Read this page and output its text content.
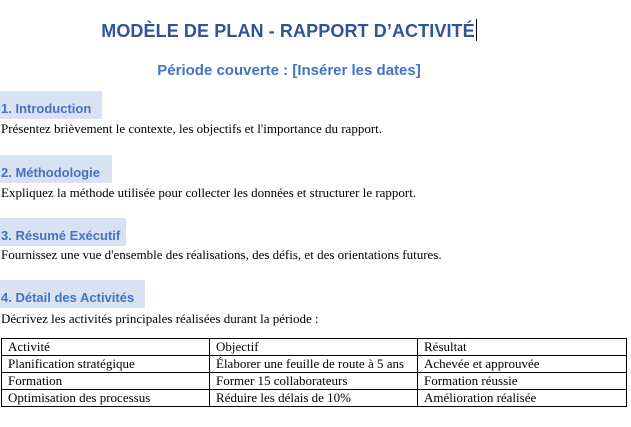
MODÈLE DE PLAN - RAPPORT D’ACTIVITÉ
Période couverte : [Insérer les dates]
1. Introduction
Présentez brièvement le contexte, les objectifs et l'importance du rapport.
2. Méthodologie
Expliquez la méthode utilisée pour collecter les données et structurer le rapport.
3. Résumé Exécutif
Fournissez une vue d'ensemble des réalisations, des défis, et des orientations futures.
4. Détail des Activités
Décrivez les activités principales réalisées durant la période :
Activité	Objectif	Résultat
Planification stratégique	Élaborer une feuille de route à 5 ans	Achevée et approuvée
Formation	Former 15 collaborateurs	Formation réussie
Optimisation des processus	Réduire les délais de 10%	Amélioration réalisée
